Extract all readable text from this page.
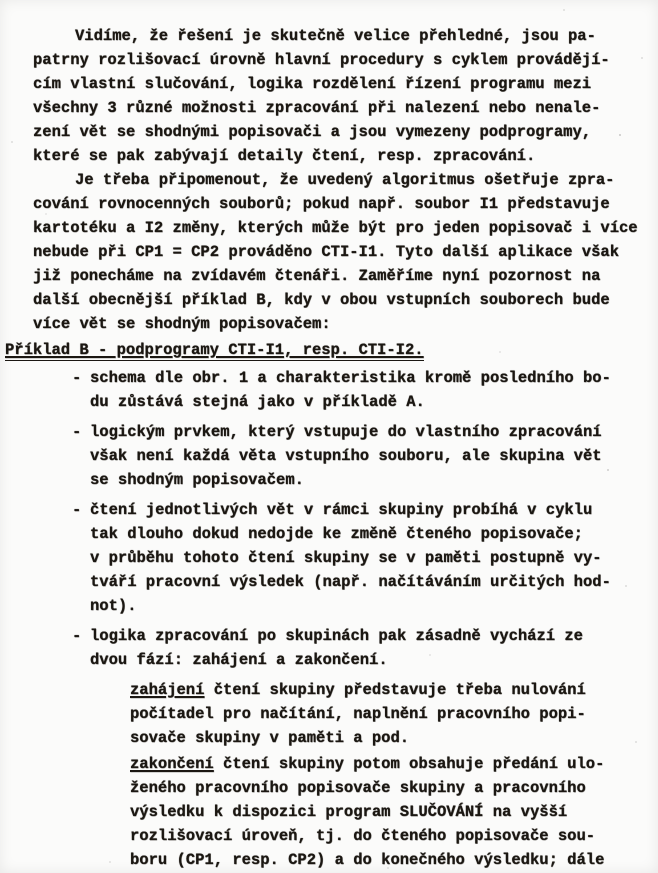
Vidíme, že řešení je skutečně velice přehledné, jsou pa-
patrny rozlišovací úrovně hlavní procedury s cyklem provádějí-
cím vlastní slučování, logika rozdělení řízení programu mezi
všechny 3 různé možnosti zpracování při nalezení nebo nenale-
zení vět se shodnými popisovači a jsou vymezeny podprogramy,
které se pak zabývají detaily čtení, resp. zpracování.
Je třeba připomenout, že uvedený algoritmus ošetřuje zpra-
cování rovnocenných souborů; pokud např. soubor I1 představuje
kartotéku a I2 změny, kterých může být pro jeden popisovač i více
nebude při CP1 = CP2 prováděno CTI-I1. Tyto další aplikace však
již ponecháme na zvídavém čtenáři. Zaměříme nyní pozornost na
další obecnější příklad B, kdy v obou vstupních souborech bude
více vět se shodným popisovačem:
Příklad B - podprogramy CTI-I1, resp. CTI-I2.
- schema dle obr. 1 a charakteristika kromě posledního bo-
du zůstává stejná jako v příkladě A.
- logickým prvkem, který vstupuje do vlastního zpracování
však není každá věta vstupního souboru, ale skupina vět
se shodným popisovačem.
- čtení jednotlivých vět v rámci skupiny probíhá v cyklu
tak dlouho dokud nedojde ke změně čteného popisovače;
v průběhu tohoto čtení skupiny se v paměti postupně vy-
tváří pracovní výsledek (např. načítáváním určitých hod-
not).
- logika zpracování po skupinách pak zásadně vychází ze
dvou fází: zahájení a zakončení.
zahájení čtení skupiny představuje třeba nulování
počítadel pro načítání, naplnění pracovního popi-
sovače skupiny v paměti a pod.
zakončení čtení skupiny potom obsahuje předání ulo-
ženého pracovního popisovače skupiny a pracovního
výsledku k dispozici program SLUČOVÁNÍ na vyšší
rozlišovací úroveň, tj. do čteného popisovače sou-
boru (CP1, resp. CP2) a do konečného výsledku; dále
